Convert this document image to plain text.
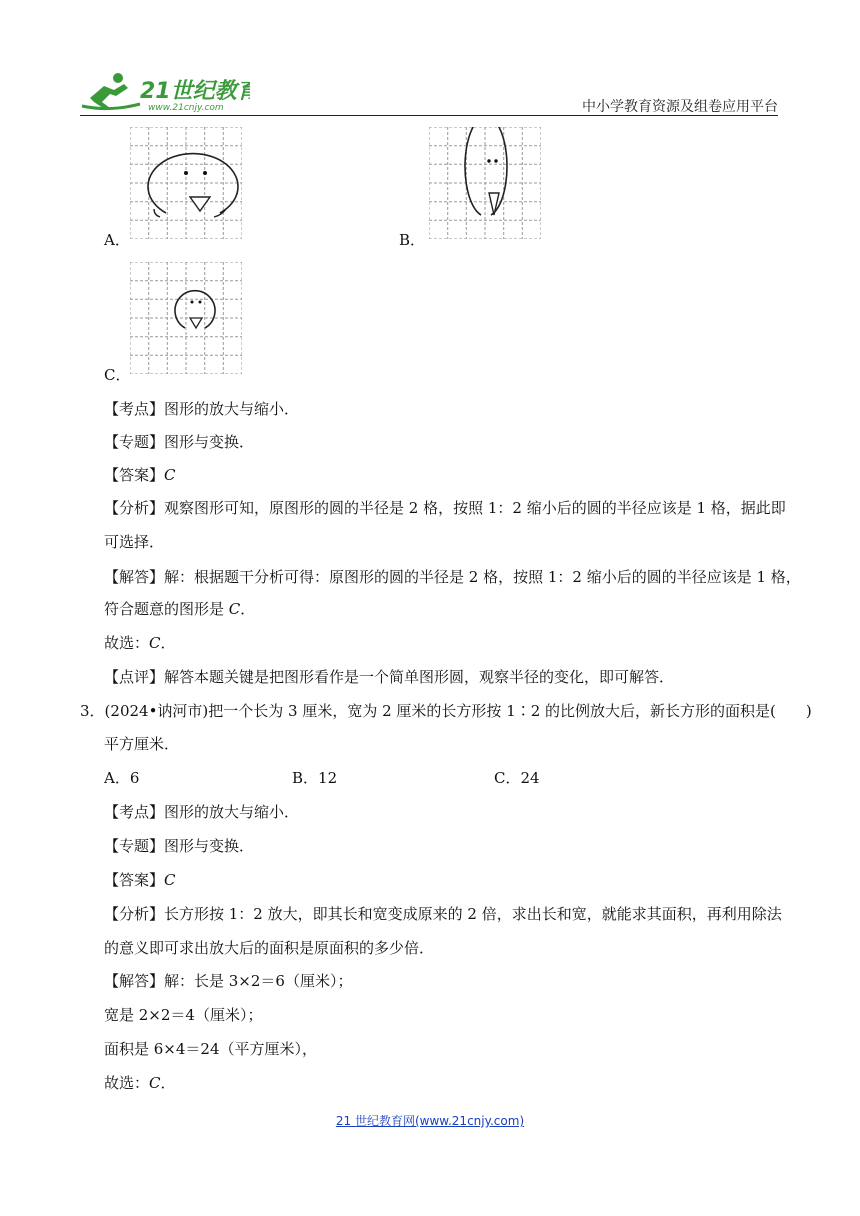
21世纪教育
www.21cnjy.com	中小学教育资源及组卷应用平台
A．	B．
C．
【考点】图形的放大与缩小．
【专题】图形与变换．
【答案】C
【分析】观察图形可知，原图形的圆的半径是 2 格，按照 1：2 缩小后的圆的半径应该是 1 格，据此即
可选择．
【解答】解：根据题干分析可得：原图形的圆的半径是 2 格，按照 1：2 缩小后的圆的半径应该是 1 格，
符合题意的图形是 C．
故选：C．
【点评】解答本题关键是把图形看作是一个简单图形圆，观察半径的变化，即可解答．
3．(2024•讷河市)把一个长为 3 厘米，宽为 2 厘米的长方形按 1∶2 的比例放大后，新长方形的面积是(　　)
平方厘米．
A．6	B．12	C．24
【考点】图形的放大与缩小．
【专题】图形与变换．
【答案】C
【分析】长方形按 1：2 放大，即其长和宽变成原来的 2 倍，求出长和宽，就能求其面积，再利用除法
的意义即可求出放大后的面积是原面积的多少倍．
【解答】解：长是 3×2＝6（厘米）；
宽是 2×2＝4（厘米）；
面积是 6×4＝24（平方厘米），
故选：C．
21 世纪教育网(www.21cnjy.com)
